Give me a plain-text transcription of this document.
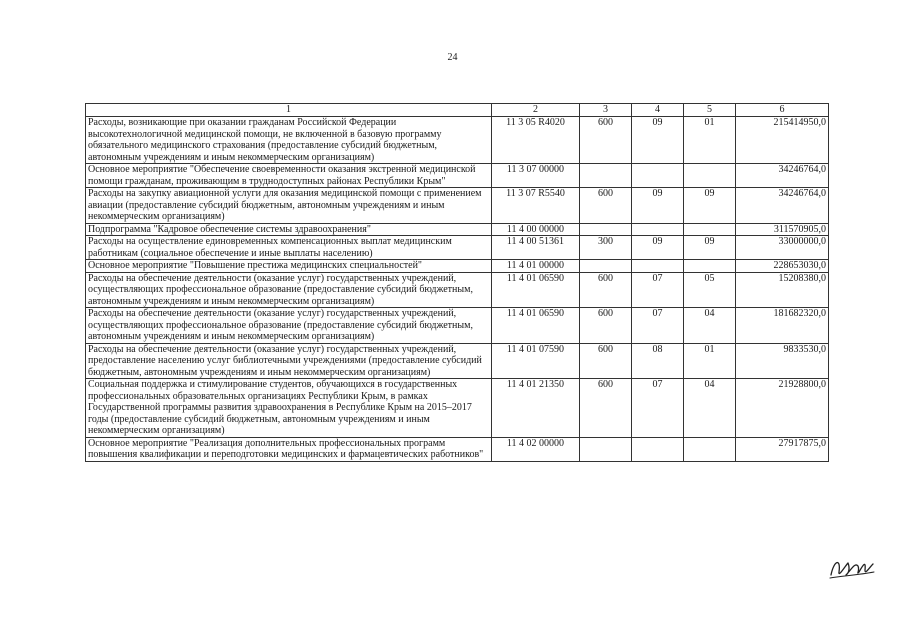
24
1	2	3	4	5	6
Расходы, возникающие при оказании гражданам Российской Федерации высокотехнологичной медицинской помощи, не включенной в базовую программу обязательного медицинского страхования (предоставление субсидий бюджетным, автономным учреждениям и иным некоммерческим организациям)	11 3 05 R4020	600	09	01	215414950,0
Основное мероприятие "Обеспечение своевременности оказания экстренной медицинской помощи гражданам, проживающим в труднодоступных районах Республики Крым"	11 3 07 00000				34246764,0
Расходы на закупку авиационной услуги для оказания медицинской помощи с применением авиации (предоставление субсидий бюджетным, автономным учреждениям и иным некоммерческим организациям)	11 3 07 R5540	600	09	09	34246764,0
Подпрограмма "Кадровое обеспечение системы здравоохранения"	11 4 00 00000				311570905,0
Расходы на осуществление единовременных компенсационных выплат медицинским работникам (социальное обеспечение и иные выплаты населению)	11 4 00 51361	300	09	09	33000000,0
Основное мероприятие "Повышение престижа медицинских специальностей"	11 4 01 00000				228653030,0
Расходы на обеспечение деятельности (оказание услуг) государственных учреждений, осуществляющих профессиональное образование (предоставление субсидий бюджетным, автономным учреждениям и иным некоммерческим организациям)	11 4 01 06590	600	07	05	15208380,0
Расходы на обеспечение деятельности (оказание услуг) государственных учреждений, осуществляющих профессиональное образование (предоставление субсидий бюджетным, автономным учреждениям и иным некоммерческим организациям)	11 4 01 06590	600	07	04	181682320,0
Расходы на обеспечение деятельности (оказание услуг) государственных учреждений, предоставление населению услуг библиотечными учреждениями (предоставление субсидий бюджетным, автономным учреждениям и иным некоммерческим организациям)	11 4 01 07590	600	08	01	9833530,0
Социальная поддержка и стимулирование студентов, обучающихся в государственных профессиональных образовательных организациях Республики Крым, в рамках Государственной программы развития здравоохранения в Республике Крым на 2015–2017 годы (предоставление субсидий бюджетным, автономным учреждениям и иным некоммерческим организациям)	11 4 01 21350	600	07	04	21928800,0
Основное мероприятие "Реализация дополнительных профессиональных программ повышения квалификации и переподготовки медицинских и фармацевтических работников"	11 4 02 00000				27917875,0
